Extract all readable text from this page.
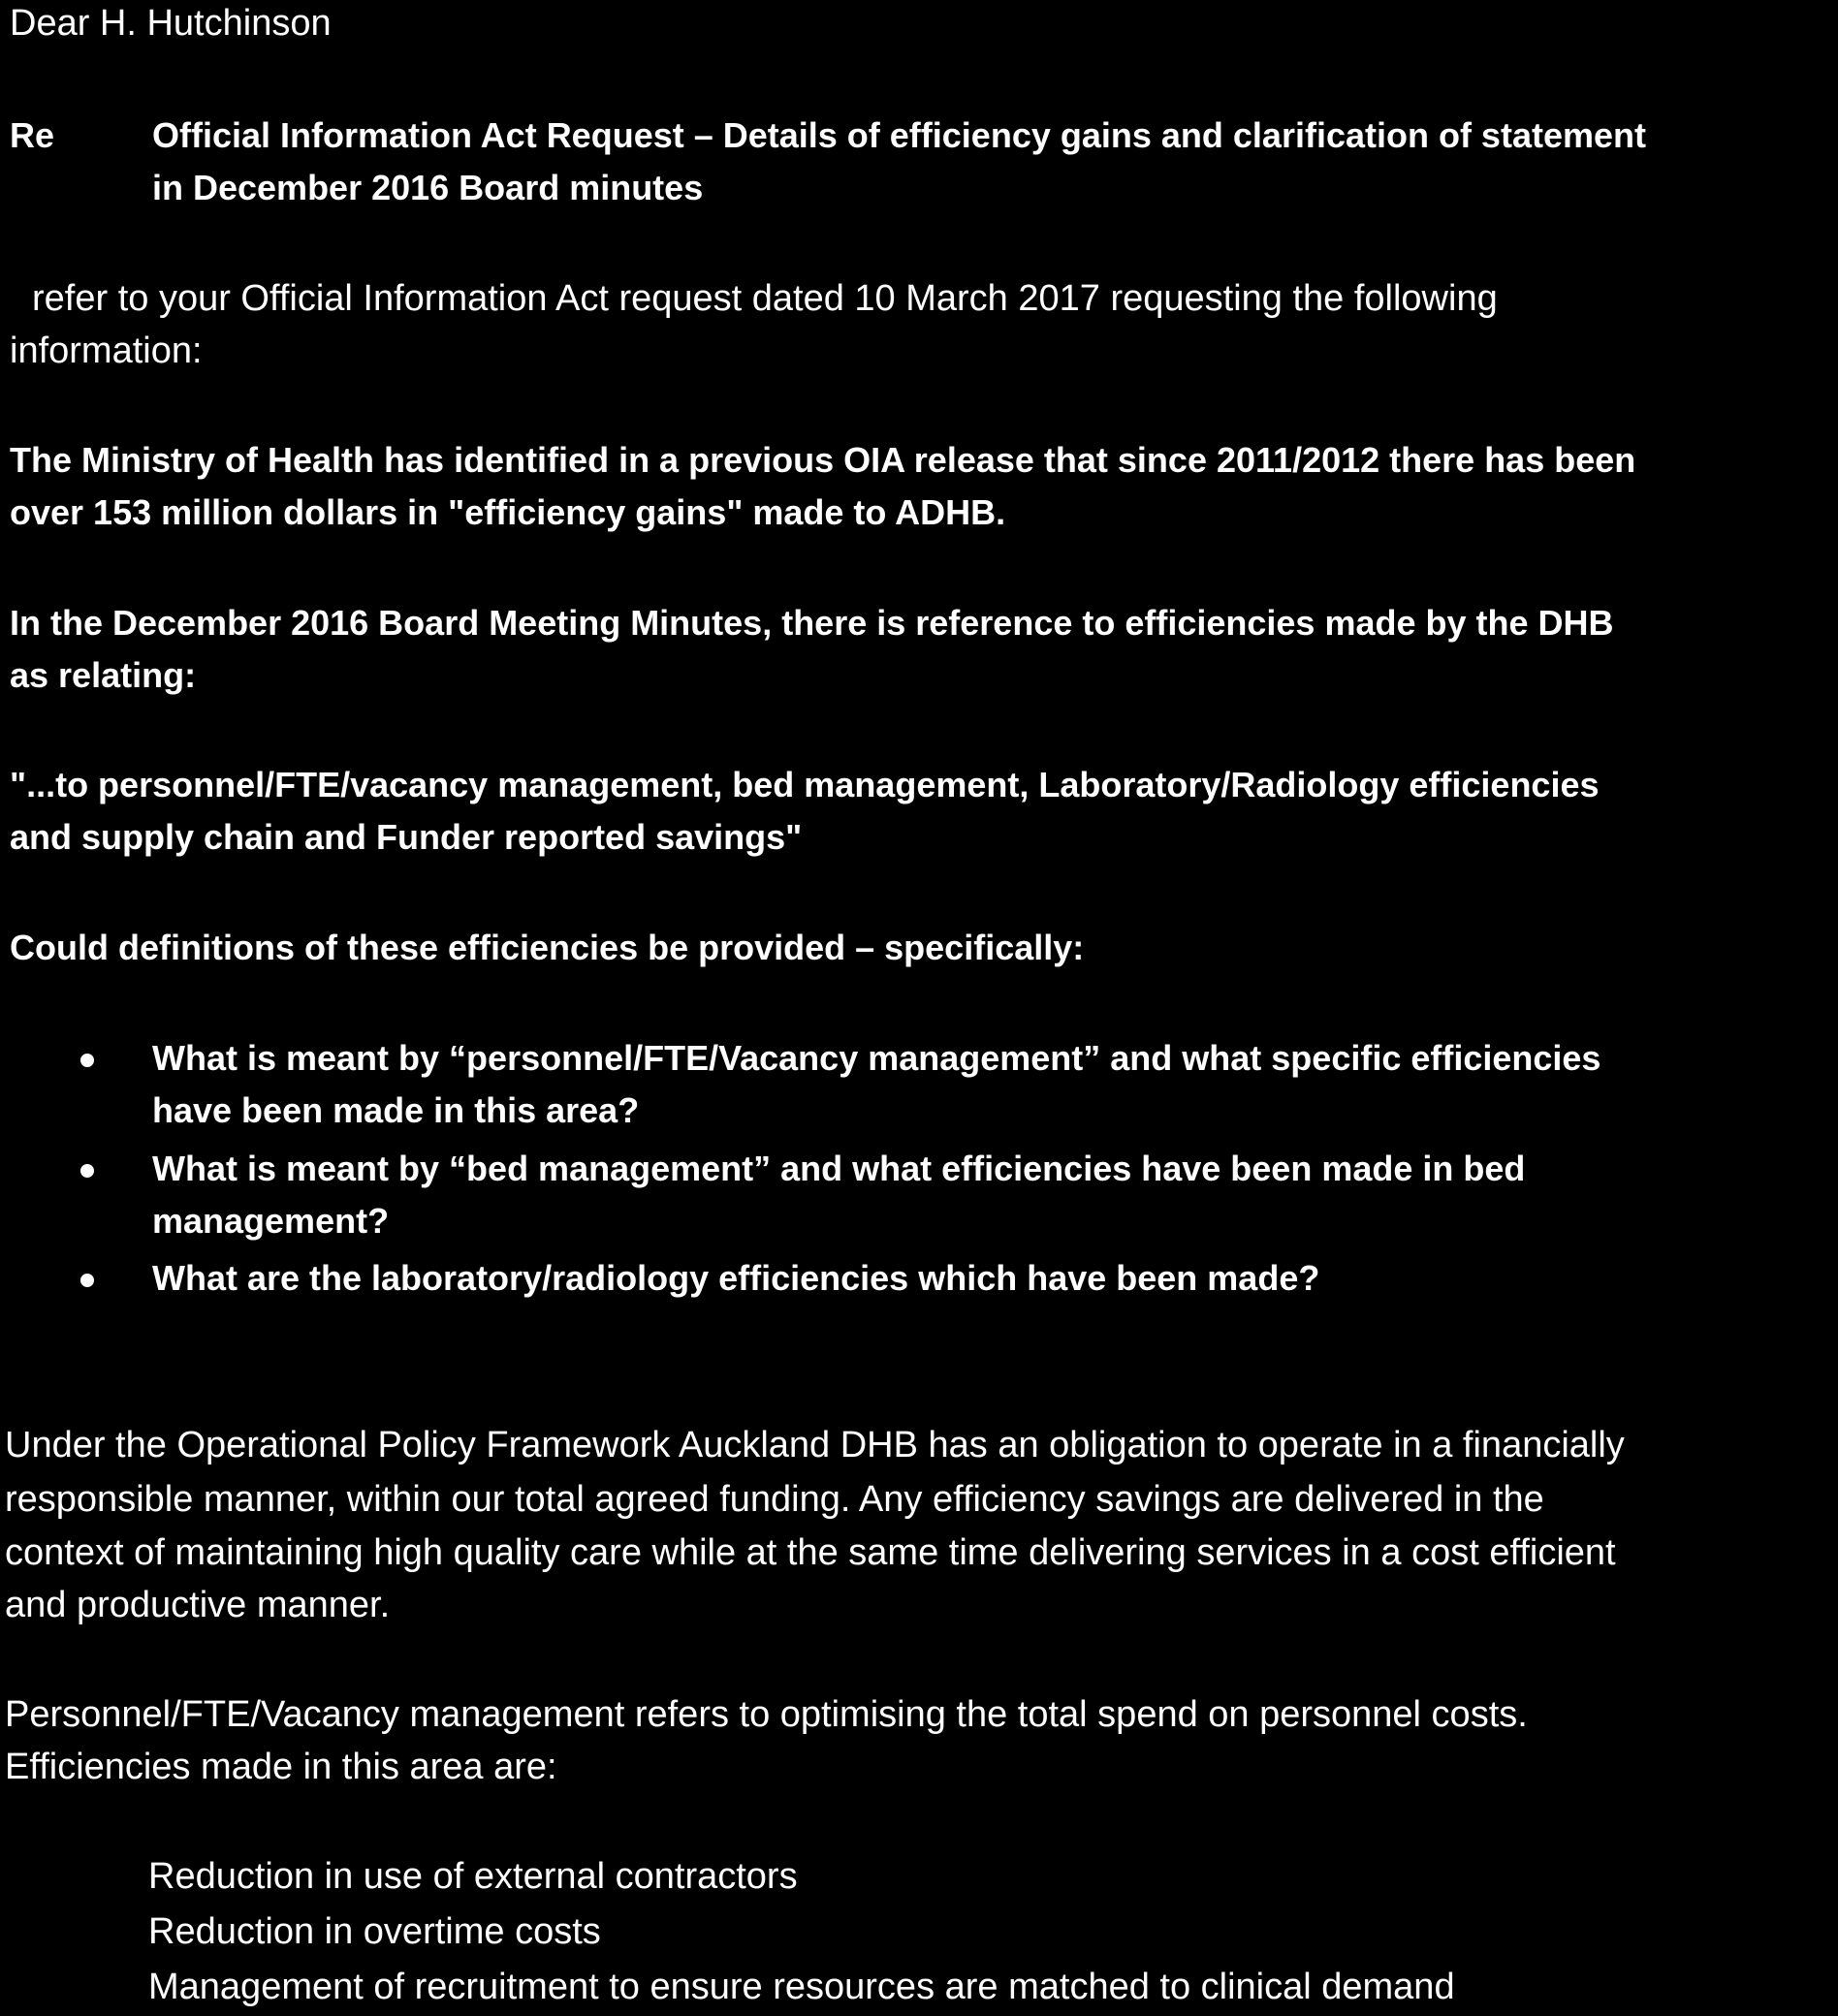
Dear H. Hutchinson
Re	Official Information Act Request – Details of efficiency gains and clarification of statement
in December 2016 Board minutes
refer to your Official Information Act request dated 10 March 2017 requesting the following
information:
The Ministry of Health has identified in a previous OIA release that since 2011/2012 there has been
over 153 million dollars in "efficiency gains" made to ADHB.
In the December 2016 Board Meeting Minutes, there is reference to efficiencies made by the DHB
as relating:
"...to personnel/FTE/vacancy management, bed management, Laboratory/Radiology efficiencies
and supply chain and Funder reported savings"
Could definitions of these efficiencies be provided – specifically:
What is meant by “personnel/FTE/Vacancy management” and what specific efficiencies
have been made in this area?
What is meant by “bed management” and what efficiencies have been made in bed
management?
What are the laboratory/radiology efficiencies which have been made?
Under the Operational Policy Framework Auckland DHB has an obligation to operate in a financially
responsible manner, within our total agreed funding. Any efficiency savings are delivered in the
context of maintaining high quality care while at the same time delivering services in a cost efficient
and productive manner.
Personnel/FTE/Vacancy management refers to optimising the total spend on personnel costs.
Efficiencies made in this area are:
Reduction in use of external contractors
Reduction in overtime costs
Management of recruitment to ensure resources are matched to clinical demand
